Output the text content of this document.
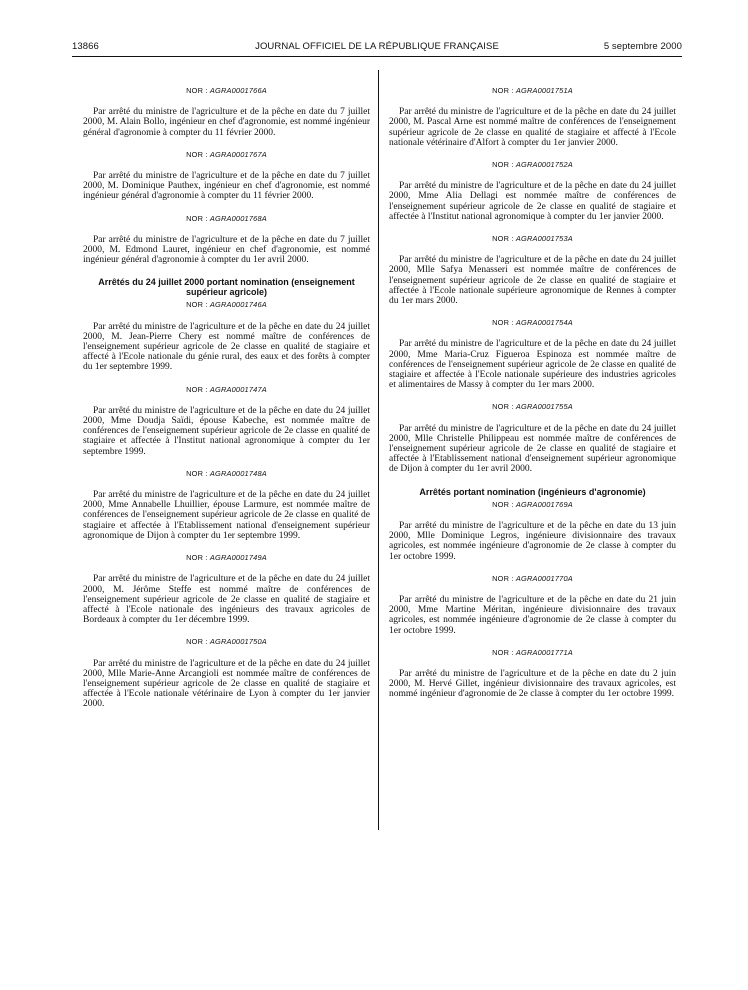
13866	JOURNAL OFFICIEL DE LA RÉPUBLIQUE FRANÇAISE	5 septembre 2000
NOR : AGRA0001766A

Par arrêté du ministre de l'agriculture et de la pêche en date du 7 juillet 2000, M. Alain Bollo, ingénieur en chef d'agronomie, est nommé ingénieur général d'agronomie à compter du 11 février 2000.

NOR : AGRA0001767A

Par arrêté du ministre de l'agriculture et de la pêche en date du 7 juillet 2000, M. Dominique Pauthex, ingénieur en chef d'agronomie, est nommé ingénieur général d'agronomie à compter du 11 février 2000.

NOR : AGRA0001768A

Par arrêté du ministre de l'agriculture et de la pêche en date du 7 juillet 2000, M. Edmond Lauret, ingénieur en chef d'agronomie, est nommé ingénieur général d'agronomie à compter du 1er avril 2000.

Arrêtés du 24 juillet 2000 portant nomination (enseignement supérieur agricole)
NOR : AGRA0001746A

Par arrêté du ministre de l'agriculture et de la pêche en date du 24 juillet 2000, M. Jean-Pierre Chery est nommé maître de conférences de l'enseignement supérieur agricole de 2e classe en qualité de stagiaire et affecté à l'Ecole nationale du génie rural, des eaux et des forêts à compter du 1er septembre 1999.

NOR : AGRA0001747A

Par arrêté du ministre de l'agriculture et de la pêche en date du 24 juillet 2000, Mme Doudja Saïdi, épouse Kabeche, est nommée maître de conférences de l'enseignement supérieur agricole de 2e classe en qualité de stagiaire et affectée à l'Institut national agronomique à compter du 1er septembre 1999.

NOR : AGRA0001748A

Par arrêté du ministre de l'agriculture et de la pêche en date du 24 juillet 2000, Mme Annabelle Lhuillier, épouse Larmure, est nommée maître de conférences de l'enseignement supérieur agricole de 2e classe en qualité de stagiaire et affectée à l'Etablissement national d'enseignement supérieur agronomique de Dijon à compter du 1er septembre 1999.

NOR : AGRA0001749A

Par arrêté du ministre de l'agriculture et de la pêche en date du 24 juillet 2000, M. Jérôme Steffe est nommé maître de conférences de l'enseignement supérieur agricole de 2e classe en qualité de stagiaire et affecté à l'Ecole nationale des ingénieurs des travaux agricoles de Bordeaux à compter du 1er décembre 1999.

NOR : AGRA0001750A

Par arrêté du ministre de l'agriculture et de la pêche en date du 24 juillet 2000, Mlle Marie-Anne Arcangioli est nommée maître de conférences de l'enseignement supérieur agricole de 2e classe en qualité de stagiaire et affectée à l'Ecole nationale vétérinaire de Lyon à compter du 1er janvier 2000.

NOR : AGRA0001751A

Par arrêté du ministre de l'agriculture et de la pêche en date du 24 juillet 2000, M. Pascal Arne est nommé maître de conférences de l'enseignement supérieur agricole de 2e classe en qualité de stagiaire et affecté à l'Ecole nationale vétérinaire d'Alfort à compter du 1er janvier 2000.

NOR : AGRA0001752A

Par arrêté du ministre de l'agriculture et de la pêche en date du 24 juillet 2000, Mme Alia Dellagi est nommée maître de conférences de l'enseignement supérieur agricole de 2e classe en qualité de stagiaire et affectée à l'Institut national agronomique à compter du 1er janvier 2000.

NOR : AGRA0001753A

Par arrêté du ministre de l'agriculture et de la pêche en date du 24 juillet 2000, Mlle Safya Menasseri est nommée maître de conférences de l'enseignement supérieur agricole de 2e classe en qualité de stagiaire et affectée à l'Ecole nationale supérieure agronomique de Rennes à compter du 1er mars 2000.

NOR : AGRA0001754A

Par arrêté du ministre de l'agriculture et de la pêche en date du 24 juillet 2000, Mme Maria-Cruz Figueroa Espinoza est nommée maître de conférences de l'enseignement supérieur agricole de 2e classe en qualité de stagiaire et affectée à l'Ecole nationale supérieure des industries agricoles et alimentaires de Massy à compter du 1er mars 2000.

NOR : AGRA0001755A

Par arrêté du ministre de l'agriculture et de la pêche en date du 24 juillet 2000, Mlle Christelle Philippeau est nommée maître de conférences de l'enseignement supérieur agricole de 2e classe en qualité de stagiaire et affectée à l'Etablissement national d'enseignement supérieur agronomique de Dijon à compter du 1er avril 2000.

Arrêtés portant nomination (ingénieurs d'agronomie)
NOR : AGRA0001769A

Par arrêté du ministre de l'agriculture et de la pêche en date du 13 juin 2000, Mlle Dominique Legros, ingénieure divisionnaire des travaux agricoles, est nommée ingénieure d'agronomie de 2e classe à compter du 1er octobre 1999.

NOR : AGRA0001770A

Par arrêté du ministre de l'agriculture et de la pêche en date du 21 juin 2000, Mme Martine Méritan, ingénieure divisionnaire des travaux agricoles, est nommée ingénieure d'agronomie de 2e classe à compter du 1er octobre 1999.

NOR : AGRA0001771A

Par arrêté du ministre de l'agriculture et de la pêche en date du 2 juin 2000, M. Hervé Gillet, ingénieur divisionnaire des travaux agricoles, est nommé ingénieur d'agronomie de 2e classe à compter du 1er octobre 1999.
